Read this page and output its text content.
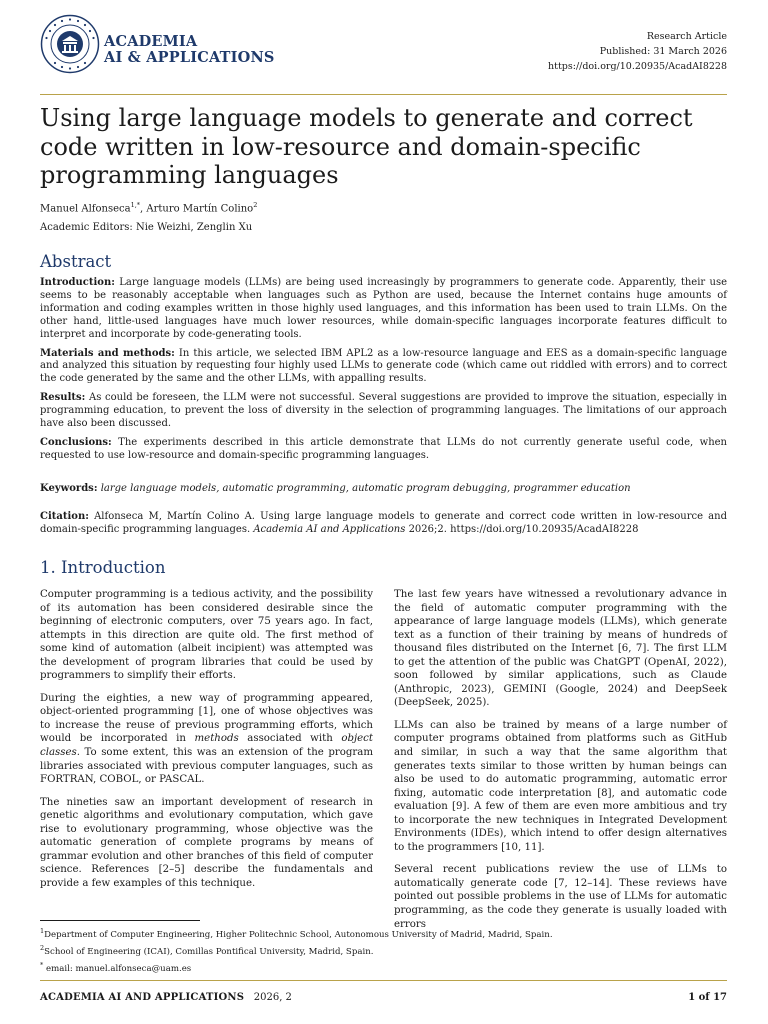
ACADEMIA
AI & APPLICATIONS
Research Article
Published: 31 March 2026
https://doi.org/10.20935/AcadAI8228
Using large language models to generate and correct code written in low-resource and domain-specific programming languages
Manuel Alfonseca$^{1,*}$, Arturo Martín Colino$^2$
Academic Editors: Nie Weizhi, Zenglin Xu
Abstract

Introduction: Large language models (LLMs) are being used increasingly by programmers to generate code. Apparently, their use seems to be reasonably acceptable when languages such as Python are used, because the Internet contains huge amounts of information and coding examples written in those highly used languages, and this information has been used to train LLMs. On the other hand, little-used languages have much lower resources, while domain-specific languages incorporate features difficult to interpret and incorporate by code-generating tools.

Materials and methods: In this article, we selected IBM APL2 as a low-resource language and EES as a domain-specific language and analyzed this situation by requesting four highly used LLMs to generate code (which came out riddled with errors) and to correct the code generated by the same and the other LLMs, with appalling results.

Results: As could be foreseen, the LLM were not successful. Several suggestions are provided to improve the situation, especially in programming education, to prevent the loss of diversity in the selection of programming languages. The limitations of our approach have also been discussed.

Conclusions: The experiments described in this article demonstrate that LLMs do not currently generate useful code, when requested to use low-resource and domain-specific programming languages.

Keywords: large language models, automatic programming, automatic program debugging, programmer education
Citation: Alfonseca M, Martín Colino A. Using large language models to generate and correct code written in low-resource and domain-specific programming languages. Academia AI and Applications 2026;2. https://doi.org/10.20935/AcadAI8228
1. Introduction

Computer programming is a tedious activity, and the possibility of its automation has been considered desirable since the beginning of electronic computers, over 75 years ago. In fact, attempts in this direction are quite old. The first method of some kind of automation (albeit incipient) was attempted was the development of program libraries that could be used by programmers to simplify their efforts.

During the eighties, a new way of programming appeared, object-oriented programming [1], one of whose objectives was to increase the reuse of previous programming efforts, which would be incorporated in methods associated with object classes. To some extent, this was an extension of the program libraries associated with previous computer languages, such as FORTRAN, COBOL, or PASCAL.

The nineties saw an important development of research in genetic algorithms and evolutionary computation, which gave rise to evolutionary programming, whose objective was the automatic generation of complete programs by means of grammar evolution and other branches of this field of computer science. References [2–5] describe the fundamentals and provide a few examples of this technique.

The last few years have witnessed a revolutionary advance in the field of automatic computer programming with the appearance of large language models (LLMs), which generate text as a function of their training by means of hundreds of thousand files distributed on the Internet [6, 7]. The first LLM to get the attention of the public was ChatGPT (OpenAI, 2022), soon followed by similar applications, such as Claude (Anthropic, 2023), GEMINI (Google, 2024) and DeepSeek (DeepSeek, 2025).

LLMs can also be trained by means of a large number of computer programs obtained from platforms such as GitHub and similar, in such a way that the same algorithm that generates texts similar to those written by human beings can also be used to do automatic programming, automatic error fixing, automatic code interpretation [8], and automatic code evaluation [9]. A few of them are even more ambitious and try to incorporate the new techniques in Integrated Development Environments (IDEs), which intend to offer design alternatives to the programmers [10, 11].

Several recent publications review the use of LLMs to automatically generate code [7, 12–14]. These reviews have pointed out possible problems in the use of LLMs for automatic programming, as the code they generate is usually loaded with errors

$^1$Department of Computer Engineering, Higher Politechnic School, Autonomous University of Madrid, Madrid, Spain.
$^2$School of Engineering (ICAI), Comillas Pontifical University, Madrid, Spain.
* email: manuel.alfonseca@uam.es
ACADEMIA AI AND APPLICATIONS 2026, 2	1 of 17
